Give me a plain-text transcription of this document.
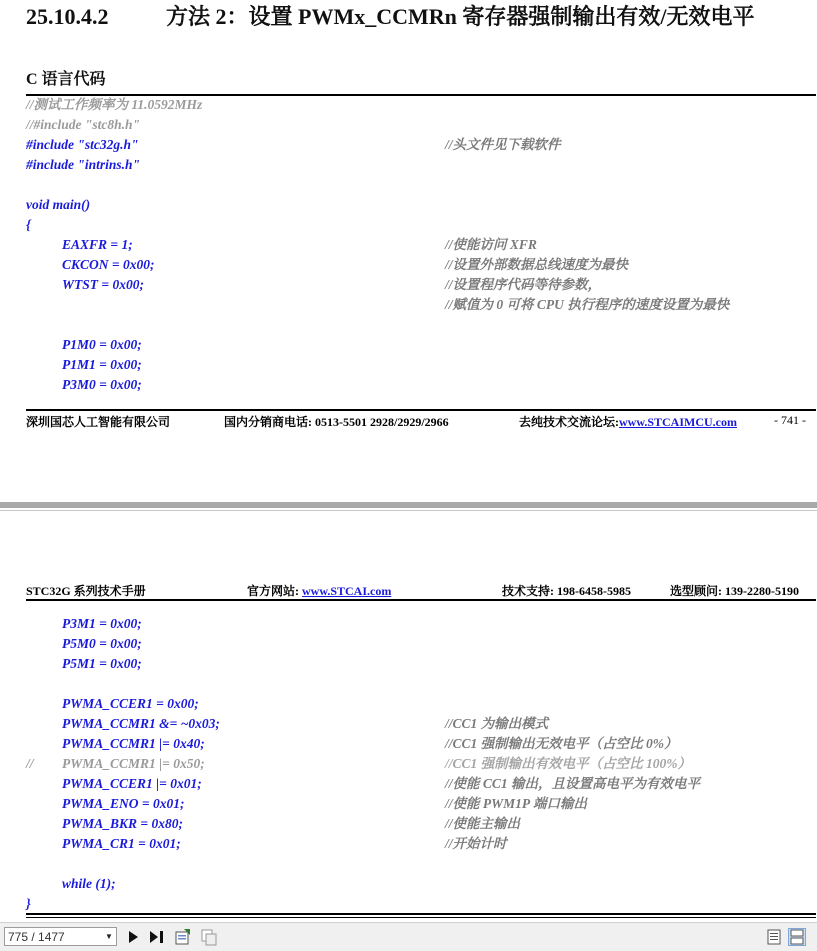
25.10.4.2	方法 2：设置 PWMx_CCMRn 寄存器强制输出有效/无效电平
C 语言代码
//测试工作频率为 11.0592MHz
//#include "stc8h.h"
#include "stc32g.h"	//头文件见下载软件
#include "intrins.h"
void main()
{
EAXFR = 1;	//使能访问 XFR
CKCON = 0x00;	//设置外部数据总线速度为最快
WTST = 0x00;	//设置程序代码等待参数，
//赋值为 0 可将 CPU 执行程序的速度设置为最快
P1M0 = 0x00;
P1M1 = 0x00;
P3M0 = 0x00;
深圳国芯人工智能有限公司	国内分销商电话: 0513-5501 2928/2929/2966	去纯技术交流论坛:www.STCAIMCU.com	- 741 -
STC32G 系列技术手册	官方网站: www.STCAI.com	技术支持: 198-6458-5985	选型顾问: 139-2280-5190
P3M1 = 0x00;
P5M0 = 0x00;
P5M1 = 0x00;
PWMA_CCER1 = 0x00;
PWMA_CCMR1 &= ~0x03;	//CC1 为输出模式
PWMA_CCMR1 |= 0x40;	//CC1 强制输出无效电平（占空比 0%）
// PWMA_CCMR1 |= 0x50;	//CC1 强制输出有效电平（占空比 100%）
PWMA_CCER1 |= 0x01;	//使能 CC1 输出，且设置高电平为有效电平
PWMA_ENO = 0x01;	//使能 PWM1P 端口输出
PWMA_BKR = 0x80;	//使能主输出
PWMA_CR1 = 0x01;	//开始计时
while (1);
}
775 / 1477
▼
